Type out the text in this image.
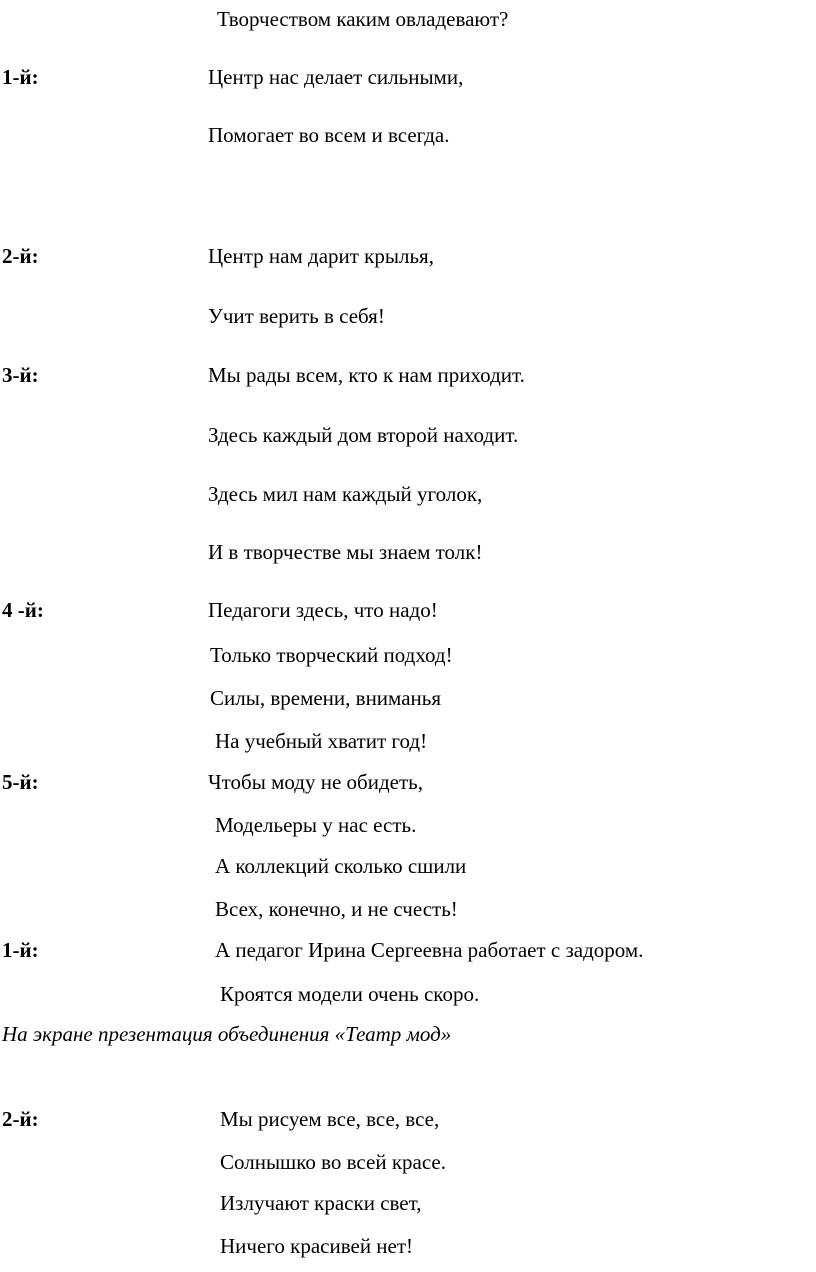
Творчеством каким овладевают?
1-й:	Центр нас делает сильными,
Помогает во всем и всегда.
2-й:	Центр нам дарит крылья,
Учит верить в себя!
3-й:	Мы рады всем, кто к нам приходит.
Здесь каждый дом второй находит.
Здесь мил нам каждый уголок,
И в творчестве мы знаем толк!
4 -й:	Педагоги здесь, что надо!
Только творческий подход!
Силы, времени, вниманья
На учебный хватит год!
5-й:	Чтобы моду не обидеть,
Модельеры у нас есть.
А коллекций сколько сшили
Всех, конечно, и не счесть!
1-й:	А педагог Ирина Сергеевна работает с задором.
Кроятся модели очень скоро.
На экране презентация объединения «Театр мод»
2-й:	Мы рисуем все, все, все,
Солнышко во всей красе.
Излучают краски свет,
Ничего красивей нет!
